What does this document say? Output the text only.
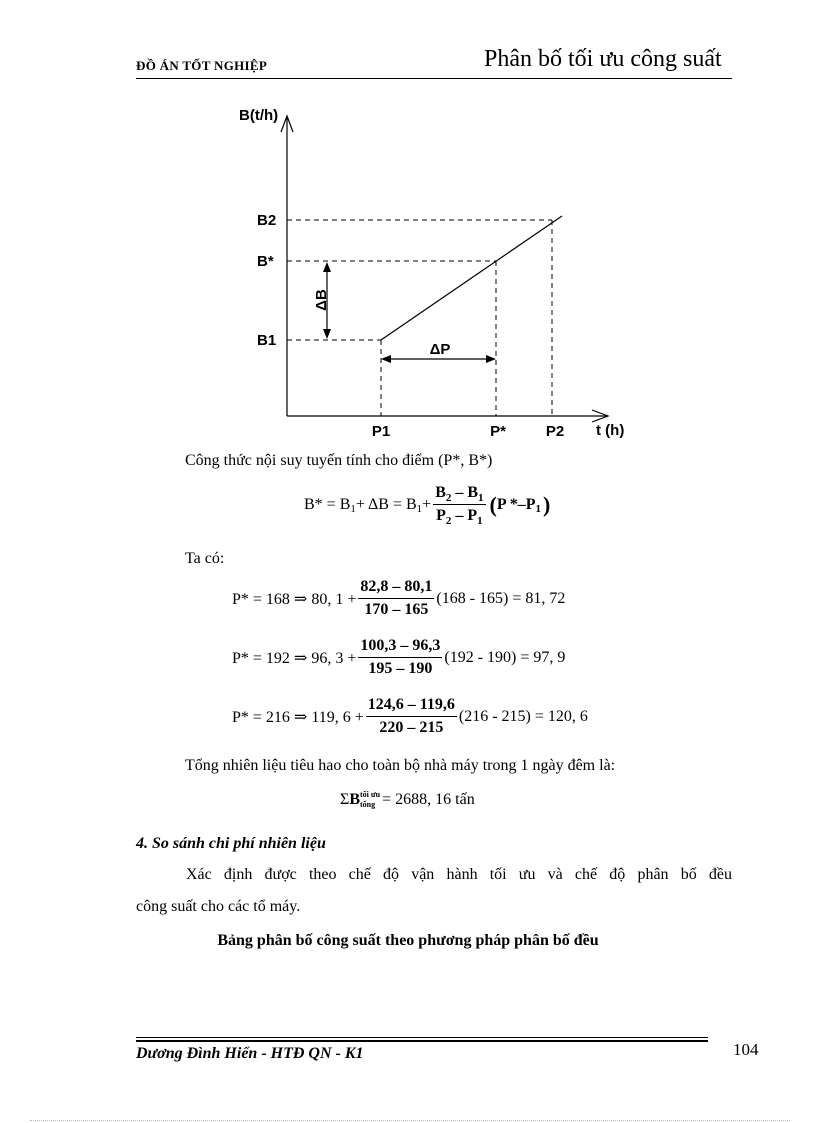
ĐỒ ÁN TỐT NGHIỆP	Phân bố tối ưu công suất
ΔB
ΔP
B(t/h)
t (h)
B2
B*
B1
P1	P*	P2
Công thức nội suy tuyến tính cho điểm (P*, B*)
B* = B 1 + ΔB = B $1 + \frac{B_2 - B_1}{P_2 - P_1}$ ( P *–P 1 )
Ta có:
P* = 168 ⇒ 80, $1 + \frac{82,8 - 80,1}{170 - 165} (168 - 165) = 81$, 72
P* = 192 ⇒ 96, $3 + \frac{100,3 - 96,3}{195 - 190} (192 - 190) = 97$, 9
P* = 216 ⇒ 119, $6 + \frac{124,6 - 119,6}{220 - 215} (216 - 215) = 120$, 6
Tổng nhiên liệu tiêu hao cho toàn bộ nhà máy trong 1 ngày đêm là:
Σ B tối ưu
tổng = 2688, 16 tấn
4. So sánh chi phí nhiên liệu
Xác định được theo chế độ vận hành tối ưu và chế độ phân bố đều
công suất cho các tổ máy.
Bảng phân bố công suất theo phương pháp phân bố đều
Dương Đình Hiển - HTĐ QN - K1	104
